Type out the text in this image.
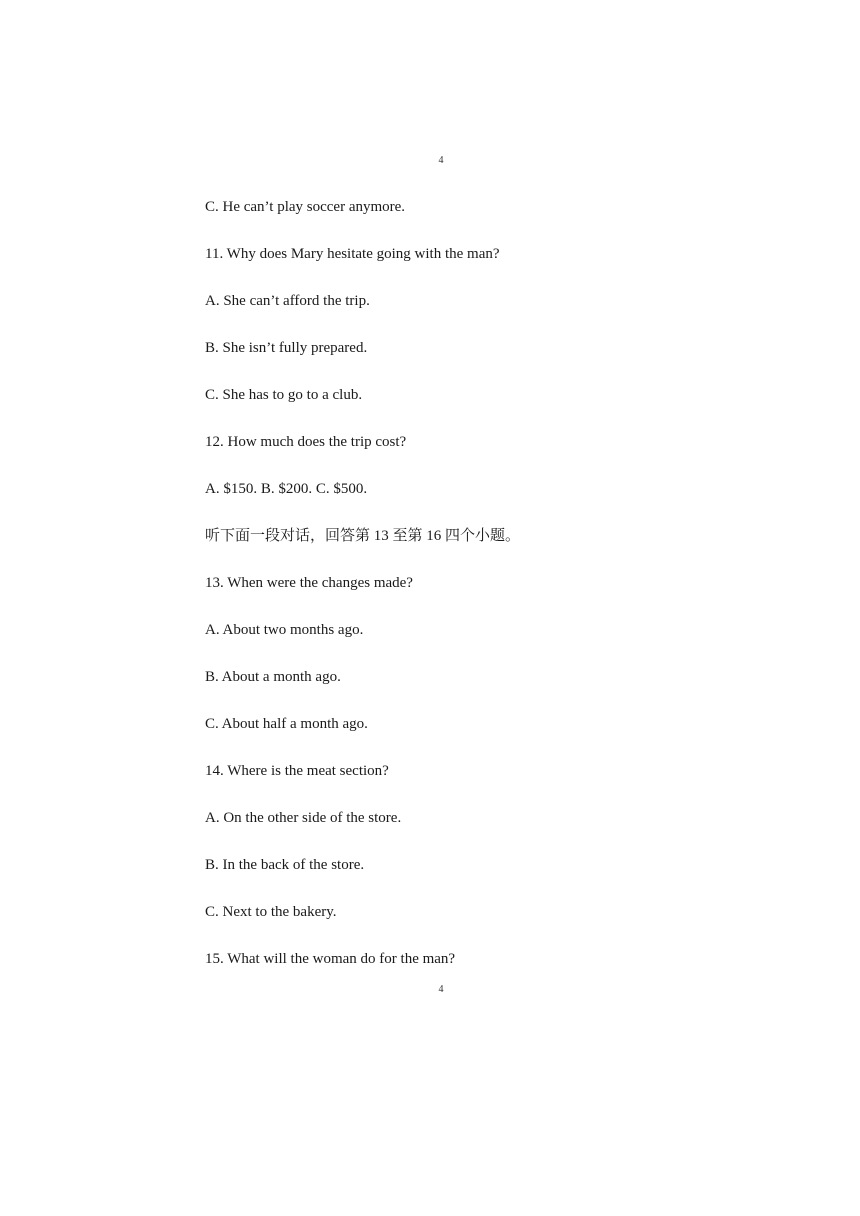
4
C. He can’t play soccer anymore.
11. Why does Mary hesitate going with the man?
A. She can’t afford the trip.
B. She isn’t fully prepared.
C. She has to go to a club.
12. How much does the trip cost?
A. $150. B. $200. C. $500.
听下面一段对话，回答第 13 至第 16 四个小题。
13. When were the changes made?
A. About two months ago.
B. About a month ago.
C. About half a month ago.
14. Where is the meat section?
A. On the other side of the store.
B. In the back of the store.
C. Next to the bakery.
15. What will the woman do for the man?
4
